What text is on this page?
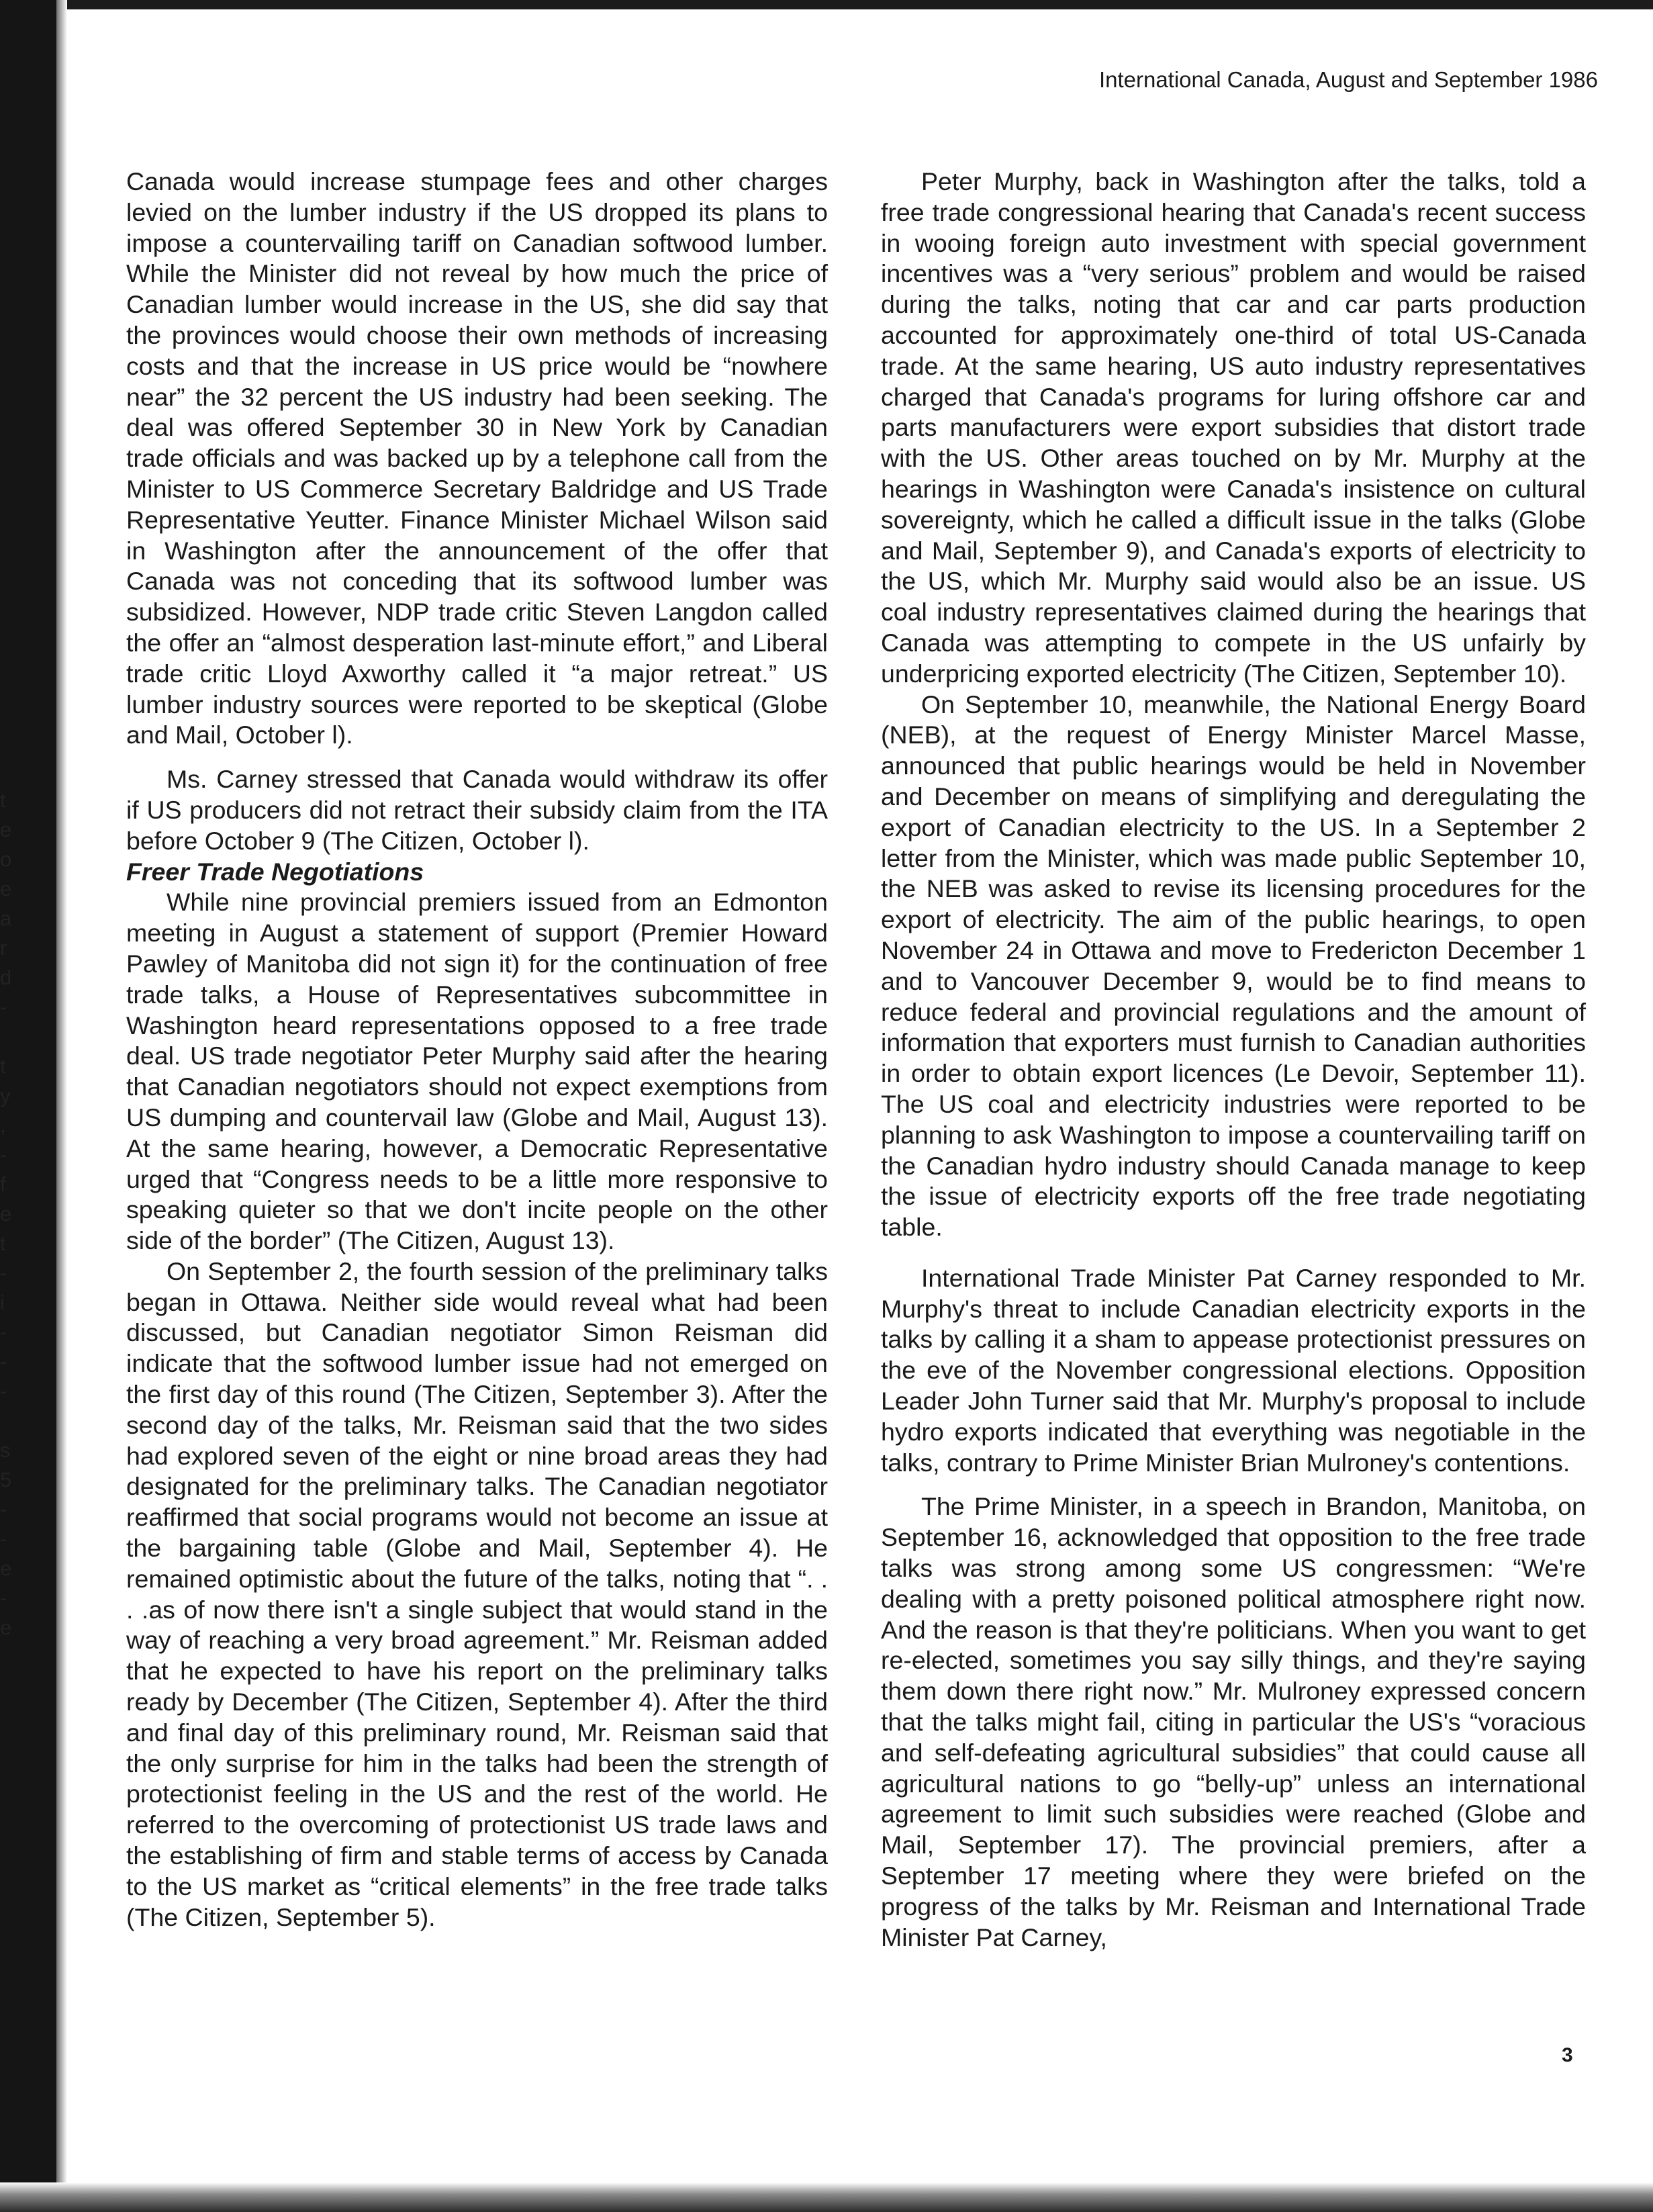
t
e
o
e
a
r
d
-

t
y
,
-
f
e
t
-
i
-
-
-

s
5
-
-
e
-
e
International Canada, August and September 1986

Canada would increase stumpage fees and other charges levied on the lumber industry if the US dropped its plans to impose a countervailing tariff on Canadian softwood lumber. While the Minister did not reveal by how much the price of Canadian lumber would increase in the US, she did say that the provinces would choose their own methods of increasing costs and that the increase in US price would be “nowhere near” the 32 percent the US industry had been seeking. The deal was offered September 30 in New York by Canadian trade officials and was backed up by a telephone call from the Minister to US Commerce Secretary Baldridge and US Trade Representative Yeutter. Finance Minister Michael Wilson said in Washington after the announcement of the offer that Canada was not conceding that its softwood lumber was subsidized. However, NDP trade critic Steven Langdon called the offer an “almost desperation last-minute effort,” and Liberal trade critic Lloyd Axworthy called it “a major retreat.” US lumber industry sources were reported to be skeptical (Globe and Mail, October l).

Ms. Carney stressed that Canada would withdraw its offer if US producers did not retract their subsidy claim from the ITA before October 9 (The Citizen, October l).

Freer Trade Negotiations

While nine provincial premiers issued from an Edmonton meeting in August a statement of support (Premier Howard Pawley of Manitoba did not sign it) for the continuation of free trade talks, a House of Representatives subcommittee in Washington heard representations opposed to a free trade deal. US trade negotiator Peter Murphy said after the hearing that Canadian negotiators should not expect exemptions from US dumping and countervail law (Globe and Mail, August 13). At the same hearing, however, a Democratic Representative urged that “Congress needs to be a little more responsive to speaking quieter so that we don't incite people on the other side of the border” (The Citizen, August 13).

On September 2, the fourth session of the preliminary talks began in Ottawa. Neither side would reveal what had been discussed, but Canadian negotiator Simon Reisman did indicate that the softwood lumber issue had not emerged on the first day of this round (The Citizen, September 3). After the second day of the talks, Mr. Reisman said that the two sides had explored seven of the eight or nine broad areas they had designated for the preliminary talks. The Canadian negotiator reaffirmed that social programs would not become an issue at the bargaining table (Globe and Mail, September 4). He remained optimistic about the future of the talks, noting that “. . . .as of now there isn't a single subject that would stand in the way of reaching a very broad agreement.” Mr. Reisman added that he expected to have his report on the preliminary talks ready by December (The Citizen, September 4). After the third and final day of this preliminary round, Mr. Reisman said that the only surprise for him in the talks had been the strength of protectionist feeling in the US and the rest of the world. He referred to the overcoming of protectionist US trade laws and the establishing of firm and stable terms of access by Canada to the US market as “critical elements” in the free trade talks (The Citizen, September 5).

Peter Murphy, back in Washington after the talks, told a free trade congressional hearing that Canada's recent success in wooing foreign auto investment with special government incentives was a “very serious” problem and would be raised during the talks, noting that car and car parts production accounted for approximately one-third of total US-Canada trade. At the same hearing, US auto industry representatives charged that Canada's programs for luring offshore car and parts manufacturers were export subsidies that distort trade with the US. Other areas touched on by Mr. Murphy at the hearings in Washington were Canada's insistence on cultural sovereignty, which he called a difficult issue in the talks (Globe and Mail, September 9), and Canada's exports of electricity to the US, which Mr. Murphy said would also be an issue. US coal industry representatives claimed during the hearings that Canada was attempting to compete in the US unfairly by underpricing exported electricity (The Citizen, September 10).

On September 10, meanwhile, the National Energy Board (NEB), at the request of Energy Minister Marcel Masse, announced that public hearings would be held in November and December on means of simplifying and deregulating the export of Canadian electricity to the US. In a September 2 letter from the Minister, which was made public September 10, the NEB was asked to revise its licensing procedures for the export of electricity. The aim of the public hearings, to open November 24 in Ottawa and move to Fredericton December 1 and to Vancouver December 9, would be to find means to reduce federal and provincial regulations and the amount of information that exporters must furnish to Canadian authorities in order to obtain export licences (Le Devoir, September 11). The US coal and electricity industries were reported to be planning to ask Washington to impose a countervailing tariff on the Canadian hydro industry should Canada manage to keep the issue of electricity exports off the free trade negotiating table.

International Trade Minister Pat Carney responded to Mr. Murphy's threat to include Canadian electricity exports in the talks by calling it a sham to appease protectionist pressures on the eve of the November congressional elections. Opposition Leader John Turner said that Mr. Murphy's proposal to include hydro exports indicated that everything was negotiable in the talks, contrary to Prime Minister Brian Mulroney's contentions.

The Prime Minister, in a speech in Brandon, Manitoba, on September 16, acknowledged that opposition to the free trade talks was strong among some US congressmen: “We're dealing with a pretty poisoned political atmosphere right now. And the reason is that they're politicians. When you want to get re-elected, sometimes you say silly things, and they're saying them down there right now.” Mr. Mulroney expressed concern that the talks might fail, citing in particular the US's “voracious and self-defeating agricultural subsidies” that could cause all agricultural nations to go “belly-up” unless an international agreement to limit such subsidies were reached (Globe and Mail, September 17). The provincial premiers, after a September 17 meeting where they were briefed on the progress of the talks by Mr. Reisman and International Trade Minister Pat Carney,

3
